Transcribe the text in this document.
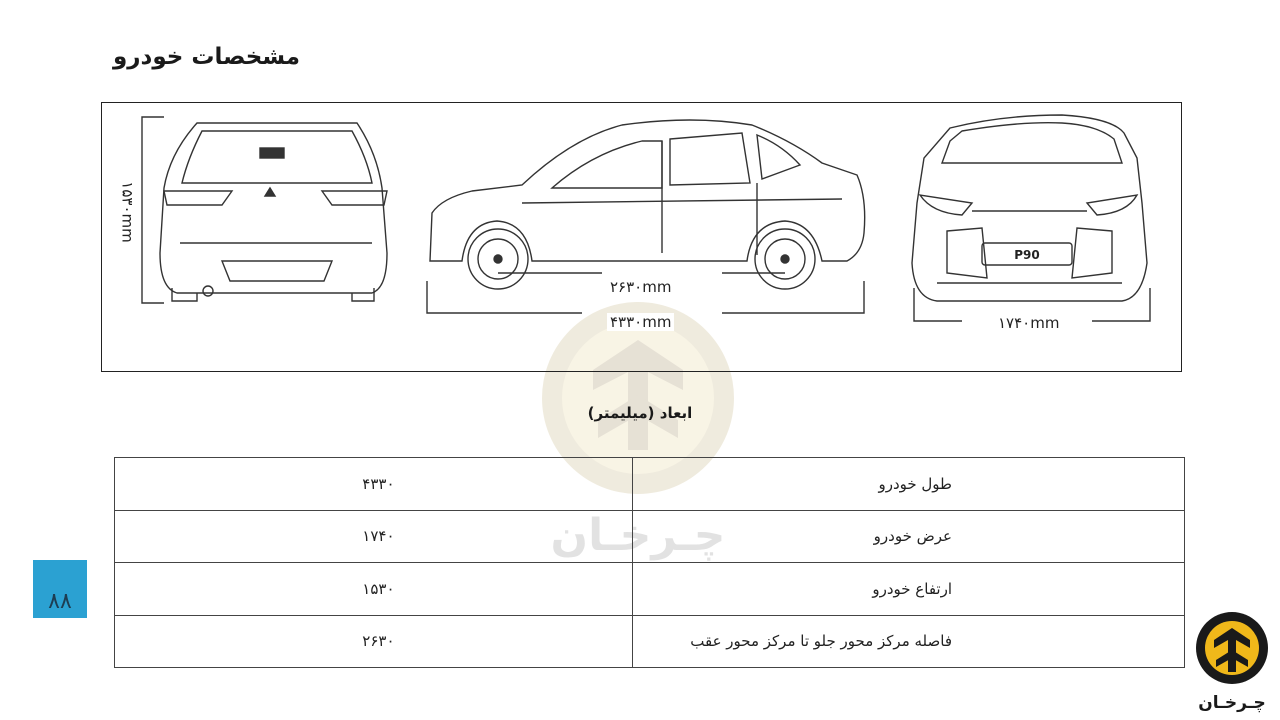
مشخصات خودرو
چـرخـان
P90
۱۵۳۰mm
۲۶۳۰mm
۴۳۳۰mm	۱۷۴۰mm
ابعاد (میلیمتر)
۴۳۳۰	طول خودرو
۱۷۴۰	عرض خودرو
۱۵۳۰	ارتفاع خودرو
۲۶۳۰	فاصله مرکز محور جلو تا مرکز محور عقب
۸۸
چـرخـان
